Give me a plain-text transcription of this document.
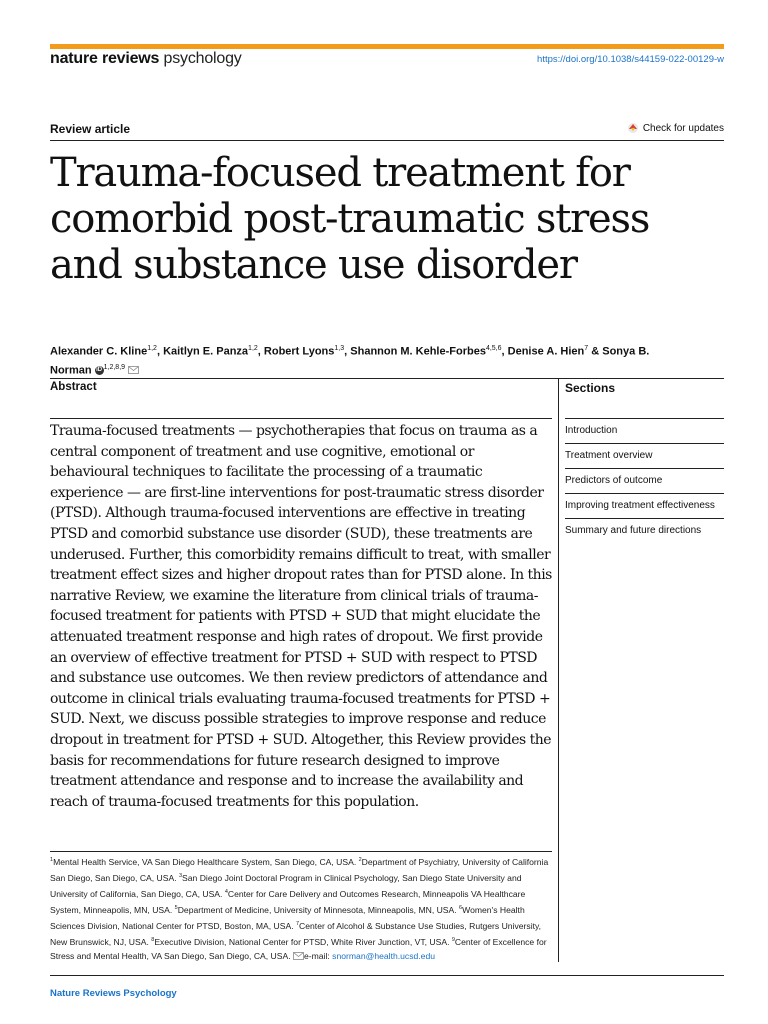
nature reviews psychology	https://doi.org/10.1038/s44159-022-00129-w
Review article	Check for updates
Trauma-focused treatment for comorbid post-traumatic stress and substance use disorder
Alexander C. Kline$^{1,2}$, Kaitlyn E. Panza$^{1,2}$, Robert Lyons$^{1,3}$, Shannon M. Kehle-Forbes$^{4,5,6}$, Denise A. Hien$^7$ & Sonya B. Norman iD $^{1,2,8,9}$
Abstract
Trauma-focused treatments — psychotherapies that focus on trauma as a central component of treatment and use cognitive, emotional or behavioural techniques to facilitate the processing of a traumatic experience — are first-line interventions for post-traumatic stress disorder (PTSD). Although trauma-focused interventions are effective in treating PTSD and comorbid substance use disorder (SUD), these treatments are underused. Further, this comorbidity remains difficult to treat, with smaller treatment effect sizes and higher dropout rates than for PTSD alone. In this narrative Review, we examine the literature from clinical trials of trauma-focused treatment for patients with PTSD + SUD that might elucidate the attenuated treatment response and high rates of dropout. We first provide an overview of effective treatment for PTSD + SUD with respect to PTSD and substance use outcomes. We then review predictors of attendance and outcome in clinical trials evaluating trauma-focused treatments for PTSD + SUD. Next, we discuss possible strategies to improve response and reduce dropout in treatment for PTSD + SUD. Altogether, this Review provides the basis for recommendations for future research designed to improve treatment attendance and response and to increase the availability and reach of trauma-focused treatments for this population.
Sections
Introduction
Treatment overview
Predictors of outcome
Improving treatment effectiveness
Summary and future directions
$^1$Mental Health Service, VA San Diego Healthcare System, San Diego, CA, USA. $^2$Department of Psychiatry, University of California San Diego, San Diego, CA, USA. $^3$San Diego Joint Doctoral Program in Clinical Psychology, San Diego State University and University of California, San Diego, CA, USA. $^4$Center for Care Delivery and Outcomes Research, Minneapolis VA Healthcare System, Minneapolis, MN, USA. $^5$Department of Medicine, University of Minnesota, Minneapolis, MN, USA. $^6$Women's Health Sciences Division, National Center for PTSD, Boston, MA, USA. $^7$Center of Alcohol & Substance Use Studies, Rutgers University, New Brunswick, NJ, USA. $^8$Executive Division, National Center for PTSD, White River Junction, VT, USA. $^9$Center of Excellence for Stress and Mental Health, VA San Diego, San Diego, CA, USA. e-mail: snorman@health.ucsd.edu
Nature Reviews Psychology
